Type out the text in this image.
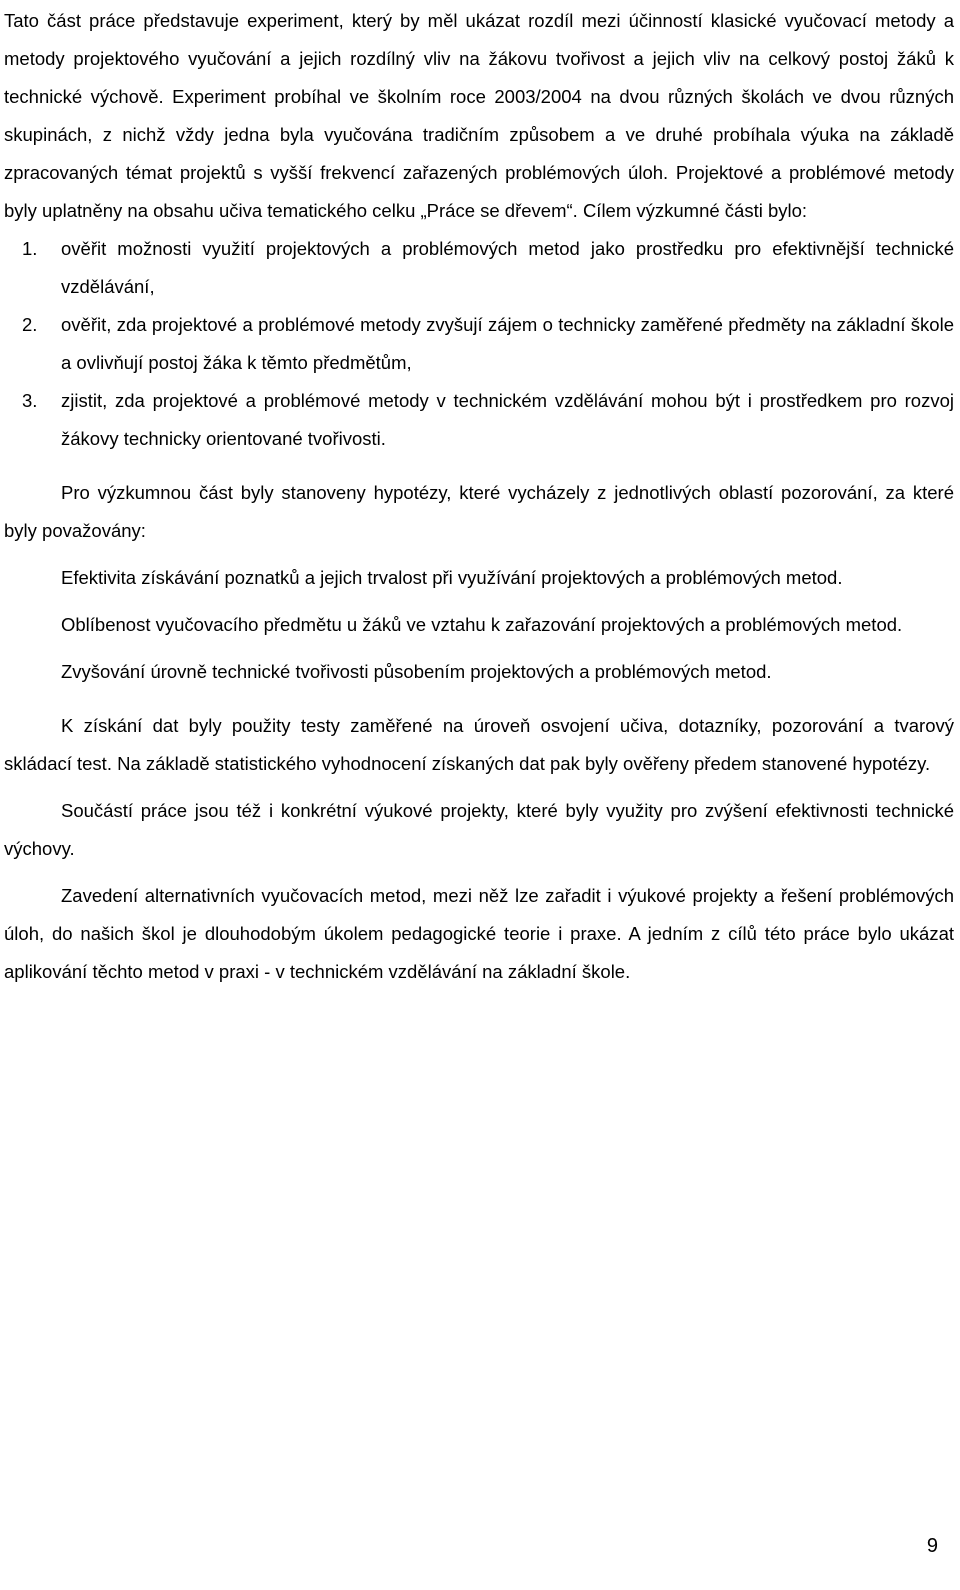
Tato část práce představuje experiment, který by měl ukázat rozdíl mezi účinností klasické vyučovací metody a metody projektového vyučování a jejich rozdílný vliv na žákovu tvořivost a jejich vliv na celkový postoj žáků k technické výchově. Experiment probíhal ve školním roce 2003/2004 na dvou různých školách ve dvou různých skupinách, z nichž vždy jedna byla vyučována tradičním způsobem a ve druhé probíhala výuka na základě zpracovaných témat projektů s vyšší frekvencí zařazených problémových úloh. Projektové a problémové metody byly uplatněny na obsahu učiva tematického celku „Práce se dřevem“. Cílem výzkumné části bylo:

1. ověřit možnosti využití projektových a problémových metod jako prostředku pro efektivnější technické vzdělávání,
2. ověřit, zda projektové a problémové metody zvyšují zájem o technicky zaměřené předměty na základní škole a ovlivňují postoj žáka k těmto předmětům,
3. zjistit, zda projektové a problémové metody v technickém vzdělávání mohou být i prostředkem pro rozvoj žákovy technicky orientované tvořivosti.

Pro výzkumnou část byly stanoveny hypotézy, které vycházely z jednotlivých oblastí pozorování, za které byly považovány:

Efektivita získávání poznatků a jejich trvalost při využívání projektových a problémových metod.

Oblíbenost vyučovacího předmětu u žáků ve vztahu k zařazování projektových a problémových metod.

Zvyšování úrovně technické tvořivosti působením projektových a problémových metod.

K získání dat byly použity testy zaměřené na úroveň osvojení učiva, dotazníky, pozorování a tvarový skládací test. Na základě statistického vyhodnocení získaných dat pak byly ověřeny předem stanovené hypotézy.

Součástí práce jsou též i konkrétní výukové projekty, které byly využity pro zvýšení efektivnosti technické výchovy.

Zavedení alternativních vyučovacích metod, mezi něž lze zařadit i výukové projekty a řešení problémových úloh, do našich škol je dlouhodobým úkolem pedagogické teorie i praxe. A jedním z cílů této práce bylo ukázat aplikování těchto metod v praxi - v technickém vzdělávání na základní škole.

9
